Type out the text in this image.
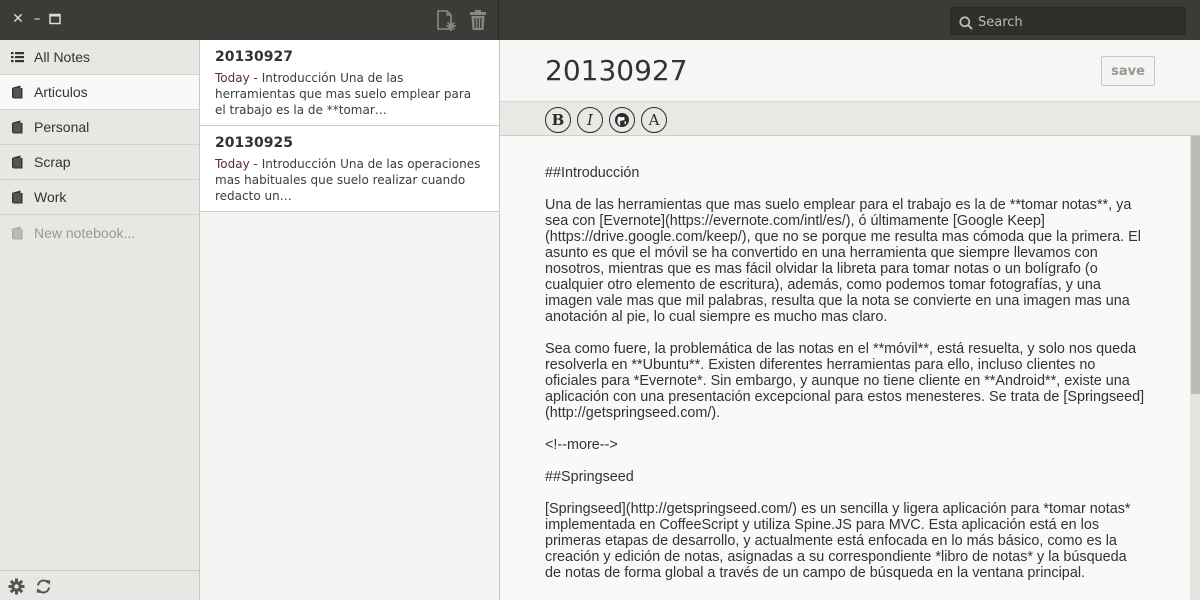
✕ –
Search
All Notes
Articulos
Personal
Scrap
Work
New notebook...
20130927
Today - Introducción Una de las herramientas que mas suelo emplear para el trabajo es la de **tomar…
20130925
Today - Introducción Una de las operaciones mas habituales que suelo realizar cuando redacto un…
20130927	save
B	I	A

##Introducción

Una de las herramientas que mas suelo emplear para el trabajo es la de **tomar notas**, ya sea con [Evernote](https://evernote.com/intl/es/), ó últimamente [Google Keep](https://drive.google.com/keep/), que no se porque me resulta mas cómoda que la primera. El asunto es que el móvil se ha convertido en una herramienta que siempre llevamos con nosotros, mientras que es mas fácil olvidar la libreta para tomar notas o un bolígrafo (o cualquier otro elemento de escritura), además, como podemos tomar fotografías, y una imagen vale mas que mil palabras, resulta que la nota se convierte en una imagen mas una anotación al pie, lo cual siempre es mucho mas claro.

Sea como fuere, la problemática de las notas en el **móvil**, está resuelta, y solo nos queda resolverla en **Ubuntu**. Existen diferentes herramientas para ello, incluso clientes no oficiales para *Evernote*. Sin embargo, y aunque no tiene cliente en **Android**, existe una aplicación con una presentación excepcional para estos menesteres. Se trata de [Springseed](http://getspringseed.com/).

<!--more-->

##Springseed

[Springseed](http://getspringseed.com/) es un sencilla y ligera aplicación para *tomar notas* implementada en CoffeeScript y utiliza Spine.JS para MVC. Esta aplicación está en los primeras etapas de desarrollo, y actualmente está enfocada en lo más básico, como es la creación y edición de notas, asignadas a su correspondiente *libro de notas* y la búsqueda de notas de forma global a través de un campo de búsqueda en la ventana principal.
